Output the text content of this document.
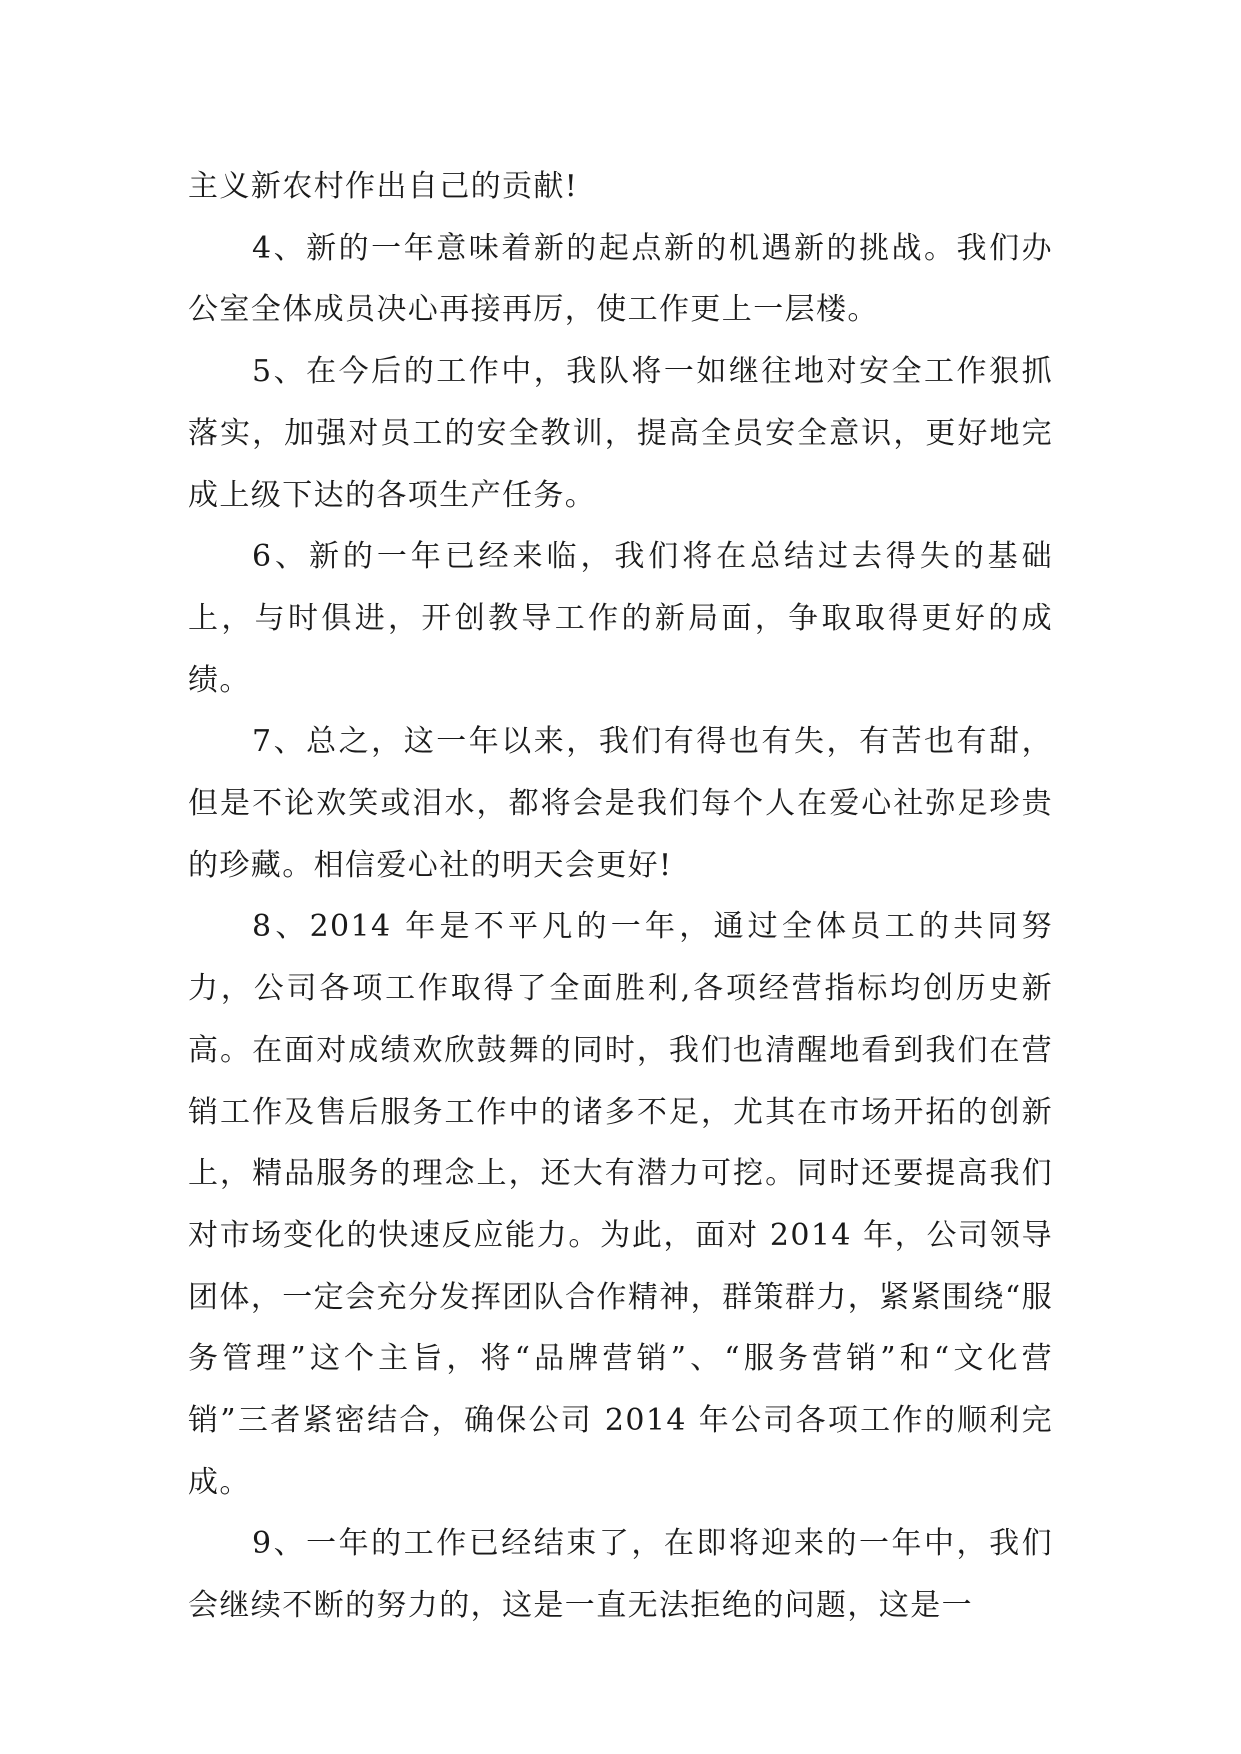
主义新农村作出自己的贡献!

4、新的一年意味着新的起点新的机遇新的挑战。我们办公室全体成员决心再接再厉，使工作更上一层楼。

5、在今后的工作中，我队将一如继往地对安全工作狠抓落实，加强对员工的安全教训，提高全员安全意识，更好地完成上级下达的各项生产任务。

6、新的一年已经来临，我们将在总结过去得失的基础上，与时俱进，开创教导工作的新局面，争取取得更好的成绩。

7、总之，这一年以来，我们有得也有失，有苦也有甜，但是不论欢笑或泪水，都将会是我们每个人在爱心社弥足珍贵的珍藏。相信爱心社的明天会更好!

8、2014 年是不平凡的一年，通过全体员工的共同努力，公司各项工作取得了全面胜利,各项经营指标均创历史新高。在面对成绩欢欣鼓舞的同时，我们也清醒地看到我们在营销工作及售后服务工作中的诸多不足，尤其在市场开拓的创新上，精品服务的理念上，还大有潜力可挖。同时还要提高我们对市场变化的快速反应能力。为此，面对 2014 年，公司领导团体，一定会充分发挥团队合作精神，群策群力，紧紧围绕“服务管理”这个主旨，将“品牌营销”、“服务营销”和“文化营销”三者紧密结合，确保公司 2014 年公司各项工作的顺利完成。

9、一年的工作已经结束了，在即将迎来的一年中，我们会继续不断的努力的，这是一直无法拒绝的问题，这是一
